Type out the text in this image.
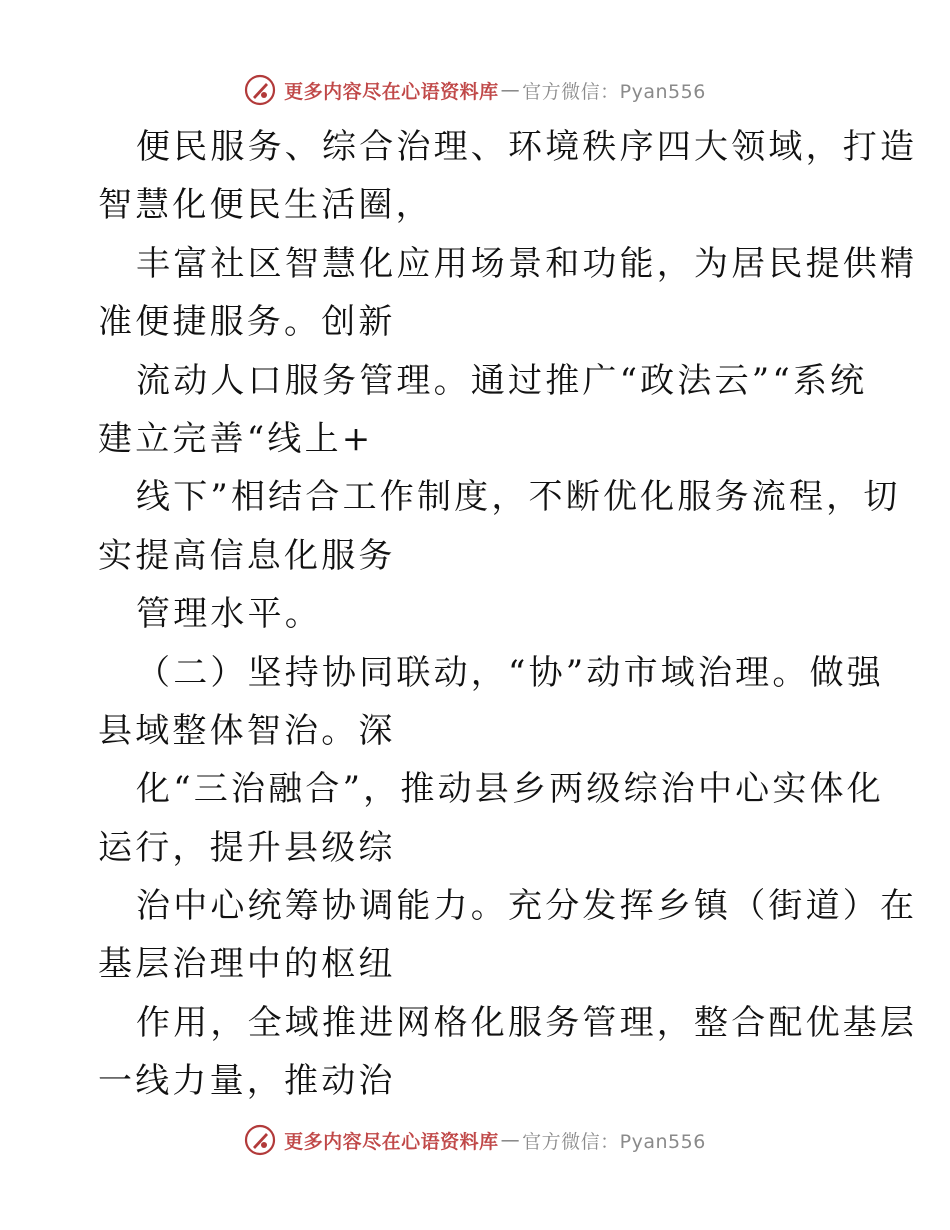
更多内容尽在心语资料库 — 官方微信：Pyan556
便民服务、综合治理、环境秩序四大领域，打造
智慧化便民生活圈，
丰富社区智慧化应用场景和功能，为居民提供精
准便捷服务。创新
流动人口服务管理。通过推广“政法云”“系统
建立完善“线上+
线下”相结合工作制度，不断优化服务流程，切
实提高信息化服务
管理水平。
（二）坚持协同联动，“协”动市域治理。做强
县域整体智治。深
化“三治融合”，推动县乡两级综治中心实体化
运行，提升县级综
治中心统筹协调能力。充分发挥乡镇（街道）在
基层治理中的枢纽
作用，全域推进网格化服务管理，整合配优基层
一线力量，推动治
更多内容尽在心语资料库 — 官方微信：Pyan556
